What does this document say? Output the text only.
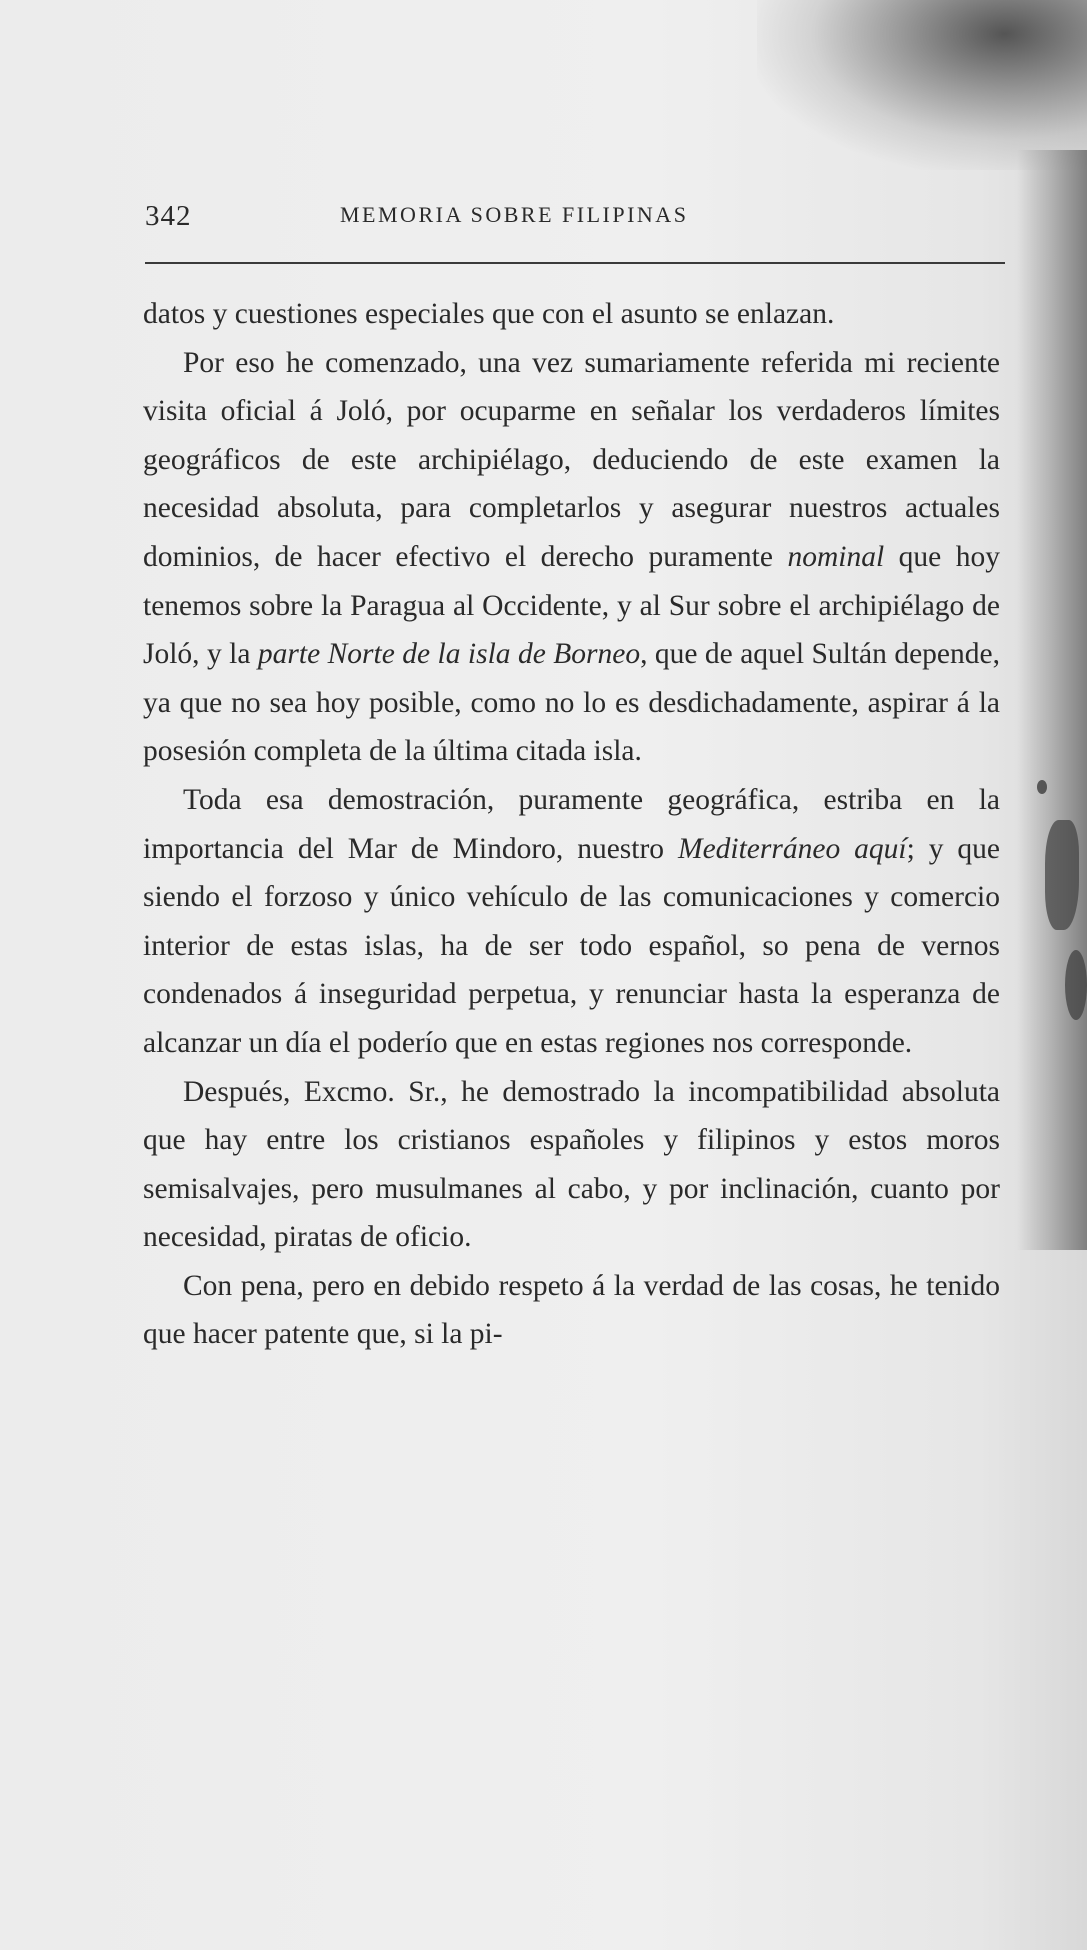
342	MEMORIA SOBRE FILIPINAS

datos y cuestiones especiales que con el asunto se enlazan.

Por eso he comenzado, una vez sumariamente referida mi reciente visita oficial á Joló, por ocuparme en señalar los verdaderos límites geográficos de este archipiélago, deduciendo de este examen la necesidad absoluta, para completarlos y asegurar nuestros actuales dominios, de hacer efectivo el derecho puramente nominal que hoy tenemos sobre la Paragua al Occidente, y al Sur sobre el archipiélago de Joló, y la parte Norte de la isla de Borneo, que de aquel Sultán depende, ya que no sea hoy posible, como no lo es desdichadamente, aspirar á la posesión completa de la última citada isla.

Toda esa demostración, puramente geográfica, estriba en la importancia del Mar de Mindoro, nuestro Mediterráneo aquí; y que siendo el forzoso y único vehículo de las comunicaciones y comercio interior de estas islas, ha de ser todo español, so pena de vernos condenados á inseguridad perpetua, y renunciar hasta la esperanza de alcanzar un día el poderío que en estas regiones nos corresponde.

Después, Excmo. Sr., he demostrado la incompatibilidad absoluta que hay entre los cristianos españoles y filipinos y estos moros semisalvajes, pero musulmanes al cabo, y por inclinación, cuanto por necesidad, piratas de oficio.

Con pena, pero en debido respeto á la verdad de las cosas, he tenido que hacer patente que, si la pi-
